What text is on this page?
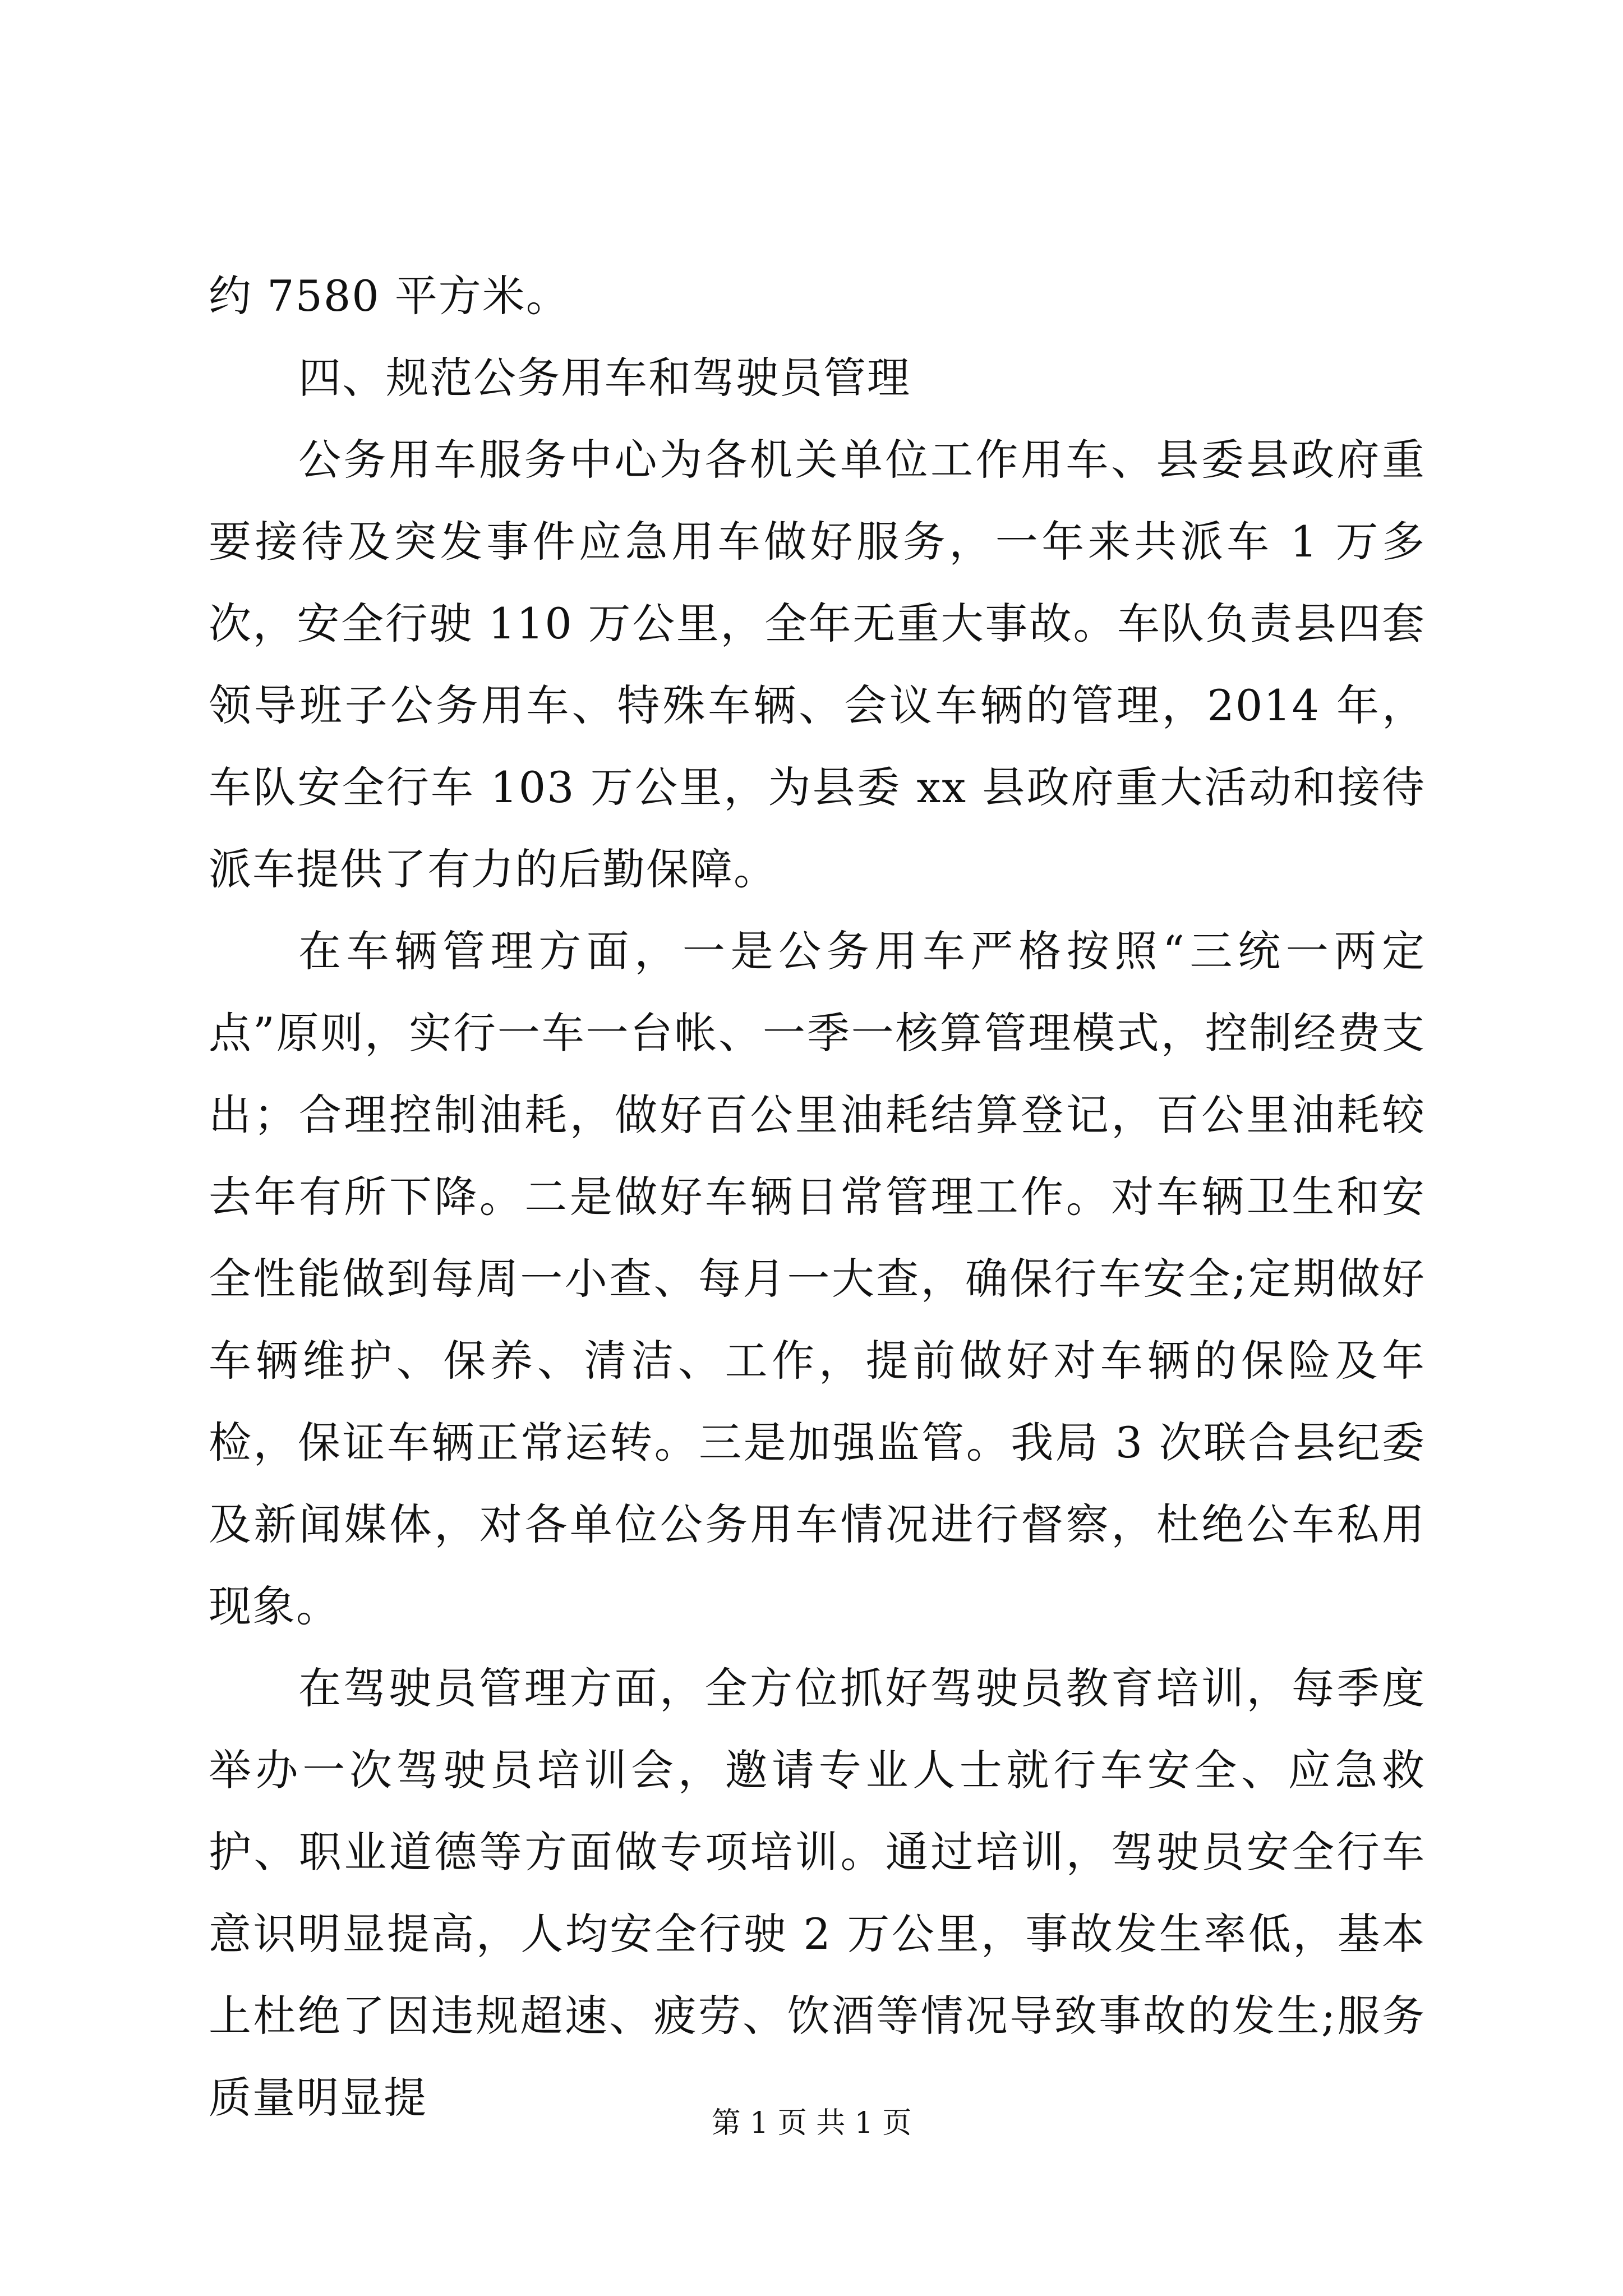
约 7580 平方米。

四、规范公务用车和驾驶员管理

公务用车服务中心为各机关单位工作用车、县委县政府重要接待及突发事件应急用车做好服务，一年来共派车 1 万多次，安全行驶 110 万公里，全年无重大事故。车队负责县四套领导班子公务用车、特殊车辆、会议车辆的管理，2014 年，车队安全行车 103 万公里，为县委 xx 县政府重大活动和接待派车提供了有力的后勤保障。

在车辆管理方面，一是公务用车严格按照“三统一两定点”原则，实行一车一台帐、一季一核算管理模式，控制经费支出；合理控制油耗，做好百公里油耗结算登记，百公里油耗较去年有所下降。二是做好车辆日常管理工作。对车辆卫生和安全性能做到每周一小查、每月一大查，确保行车安全;定期做好车辆维护、保养、清洁、工作，提前做好对车辆的保险及年检，保证车辆正常运转。三是加强监管。我局 3 次联合县纪委及新闻媒体，对各单位公务用车情况进行督察，杜绝公车私用现象。

在驾驶员管理方面，全方位抓好驾驶员教育培训，每季度举办一次驾驶员培训会，邀请专业人士就行车安全、应急救护、职业道德等方面做专项培训。通过培训，驾驶员安全行车意识明显提高，人均安全行驶 2 万公里，事故发生率低，基本上杜绝了因违规超速、疲劳、饮酒等情况导致事故的发生;服务质量明显提

第 1 页 共 1 页
